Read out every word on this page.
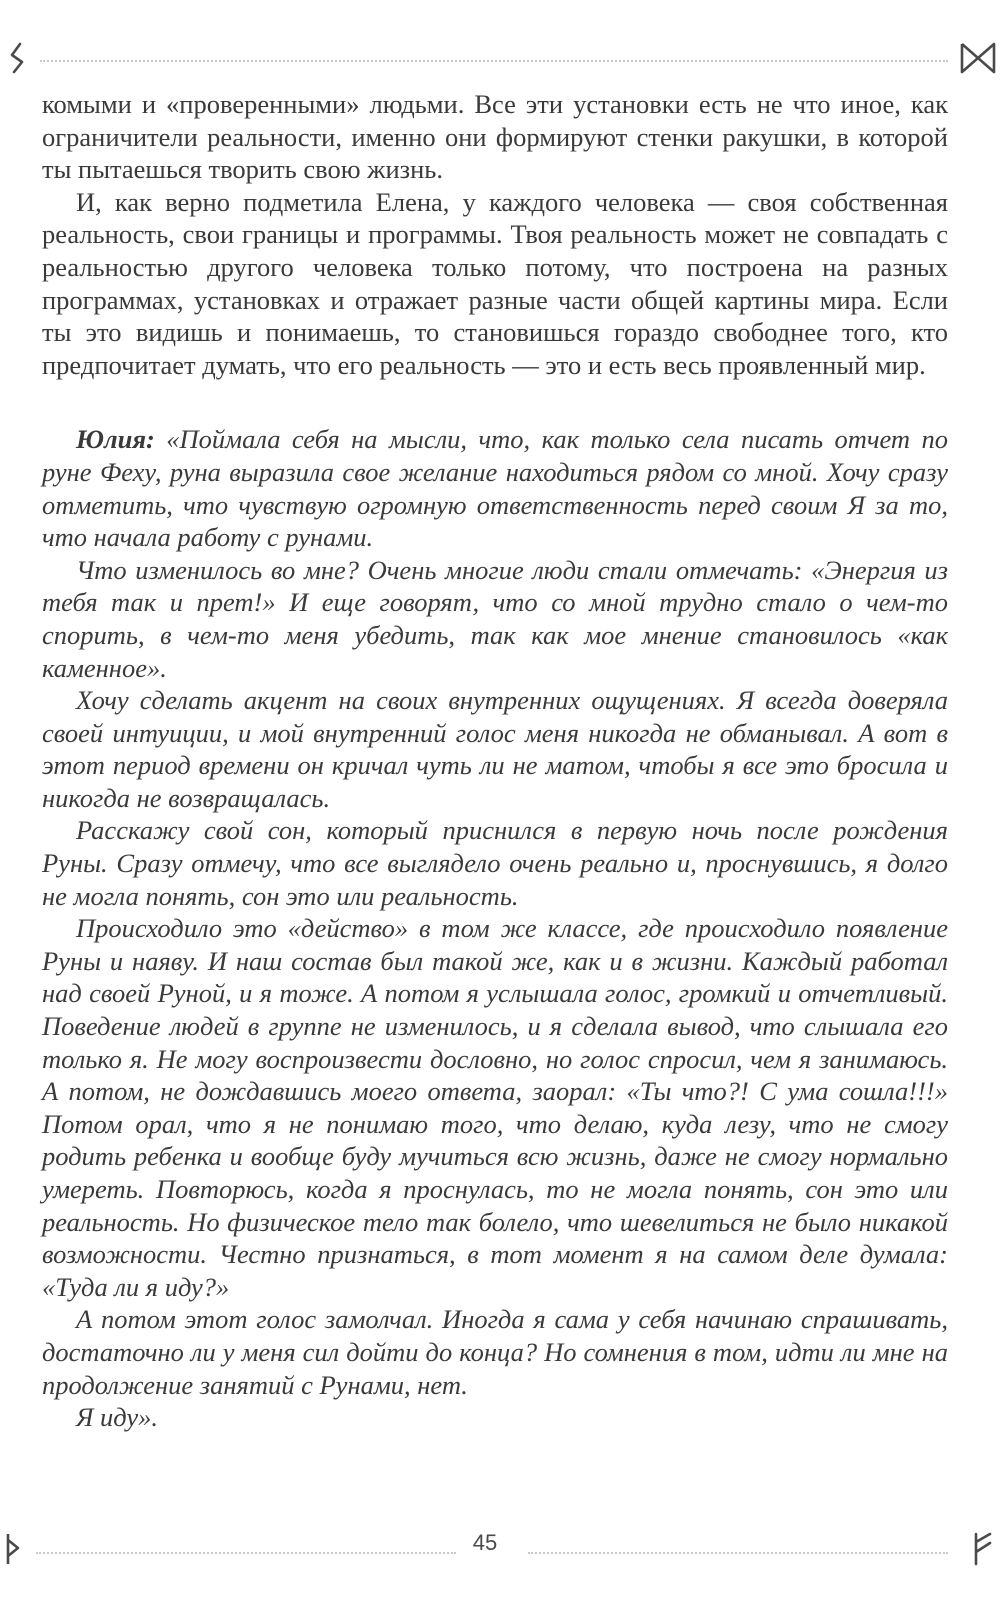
комыми и «проверенными» людьми. Все эти установки есть не что иное, как ограничители реальности, именно они формируют стенки ракушки, в которой ты пытаешься творить свою жизнь.

И, как верно подметила Елена, у каждого человека — своя собственная реальность, свои границы и программы. Твоя реальность может не совпадать с реальностью другого человека только потому, что построена на разных программах, установках и отражает разные части общей картины мира. Если ты это видишь и понимаешь, то становишься гораздо свободнее того, кто предпочитает думать, что его реальность — это и есть весь проявленный мир.

Юлия: «Поймала себя на мысли, что, как только села писать отчет по руне Феху, руна выразила свое желание находиться рядом со мной. Хочу сразу отметить, что чувствую огромную ответственность перед своим Я за то, что начала работу с рунами.

Что изменилось во мне? Очень многие люди стали отмечать: «Энергия из тебя так и прет!» И еще говорят, что со мной трудно стало о чем-то спорить, в чем-то меня убедить, так как мое мнение становилось «как каменное».

Хочу сделать акцент на своих внутренних ощущениях. Я всегда доверяла своей интуиции, и мой внутренний голос меня никогда не обманывал. А вот в этот период времени он кричал чуть ли не матом, чтобы я все это бросила и никогда не возвращалась.

Расскажу свой сон, который приснился в первую ночь после рождения Руны. Сразу отмечу, что все выглядело очень реально и, проснувшись, я долго не могла понять, сон это или реальность.

Происходило это «действо» в том же классе, где происходило появление Руны и наяву. И наш состав был такой же, как и в жизни. Каждый работал над своей Руной, и я тоже. А потом я услышала голос, громкий и отчетливый. Поведение людей в группе не изменилось, и я сделала вывод, что слышала его только я. Не могу воспроизвести дословно, но голос спросил, чем я занимаюсь. А потом, не дождавшись моего ответа, заорал: «Ты что?! С ума сошла!!!» Потом орал, что я не понимаю того, что делаю, куда лезу, что не смогу родить ребенка и вообще буду мучиться всю жизнь, даже не смогу нормально умереть. Повторюсь, когда я проснулась, то не могла понять, сон это или реальность. Но физическое тело так болело, что шевелиться не было никакой возможности. Честно признаться, в тот момент я на самом деле думала: «Туда ли я иду?»

А потом этот голос замолчал. Иногда я сама у себя начинаю спрашивать, достаточно ли у меня сил дойти до конца? Но сомнения в том, идти ли мне на продолжение занятий с Рунами, нет.

Я иду».

45
